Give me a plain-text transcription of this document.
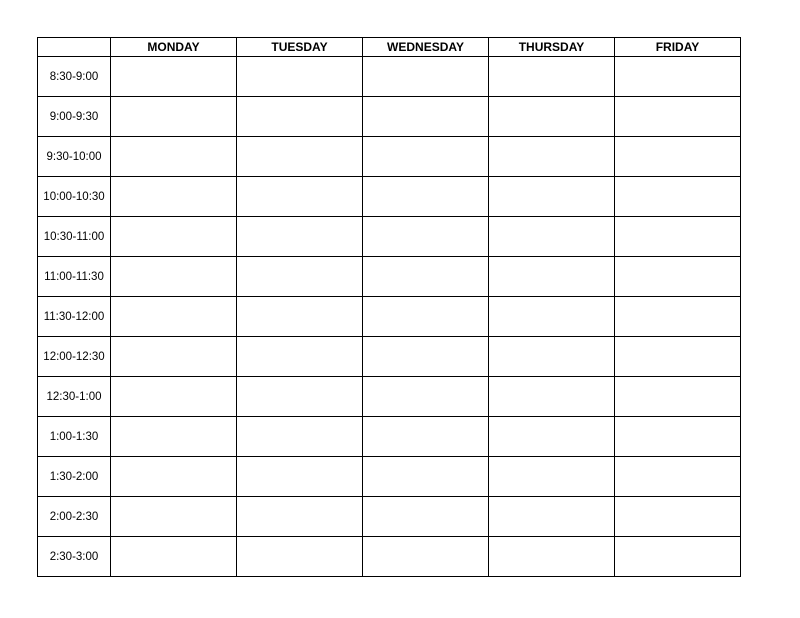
	MONDAY	TUESDAY	WEDNESDAY	THURSDAY	FRIDAY
8:30-9:00					
9:00-9:30					
9:30-10:00					
10:00-10:30					
10:30-11:00					
11:00-11:30					
11:30-12:00					
12:00-12:30					
12:30-1:00					
1:00-1:30					
1:30-2:00					
2:00-2:30					
2:30-3:00					
